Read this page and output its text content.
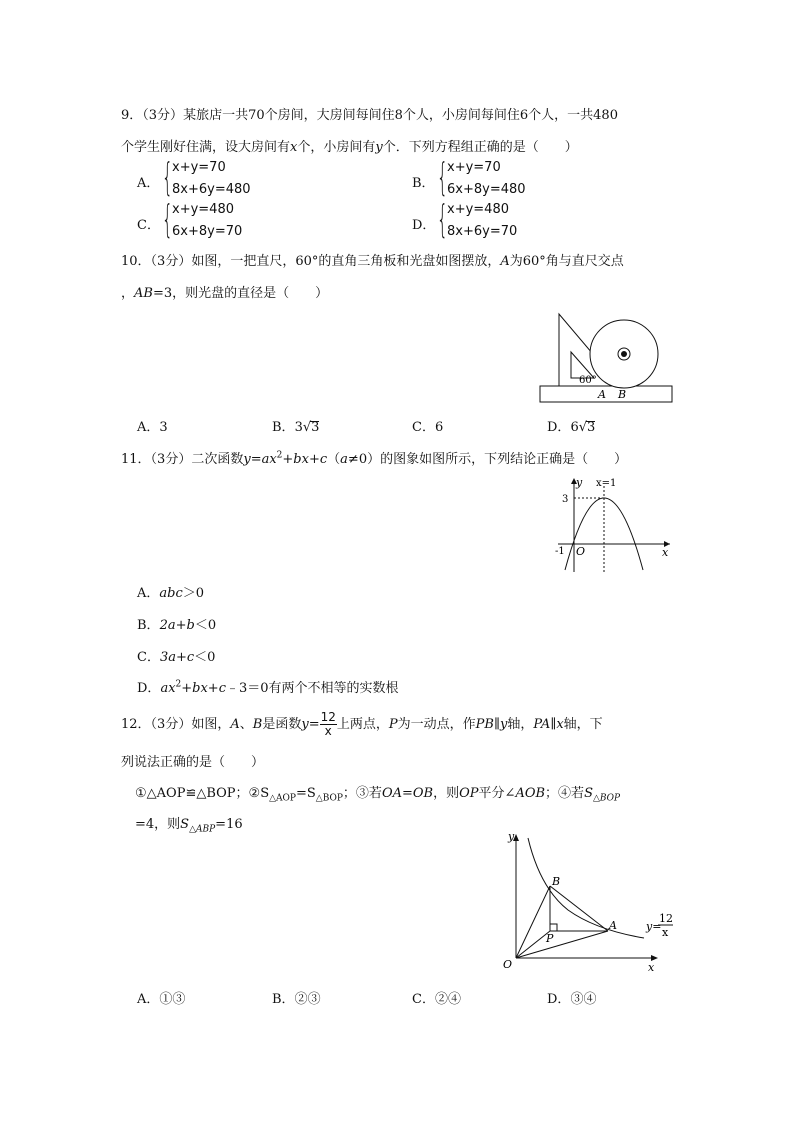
9．（3分）某旅店一共70个房间，大房间每间住8个人，小房间每间住6个人，一共480
个学生刚好住满，设大房间有x个，小房间有y个．下列方程组正确的是（　　）
A． { x+y=70
8x+6y=480	B． { x+y=70
6x+8y=480
C． { x+y=480
6x+8y=70	D． { x+y=480
8x+6y=70
10．（3分）如图，一把直尺，60°的直角三角板和光盘如图摆放，A为60°角与直尺交点
，AB=3，则光盘的直径是（　　）
60°
A B
A．3	B．3√3	C．6	D．6√3
11．（3分）二次函数$y=ax^2+bx+c(a\ne 0)$的图象如图所示，下列结论正确是（　　）
y
x
x=1
3
-1 O
A．abc＞0
B．2a+b＜0
C．3a+c＜0
D．$ax^2+bx+c﹣3=0$有两个不相等的实数根
12．（3分）如图，A、B是函数$y= \frac{12}{x}$ 上两点，P为一动点，作PB∥y轴，PA∥x轴，下
列说法正确的是（　　）
①△AOP≌△BOP；$②S_{\triangle AOP}=S_{\triangle BOP}$；③若OA=OB，则OP平分∠AOB；④若$S_{\triangle BOP}$
=4，则$S_{\triangle ABP}=16$
y
x
O
A
B
P
y=
12
x
A．①③	B．②③	C．②④	D．③④
